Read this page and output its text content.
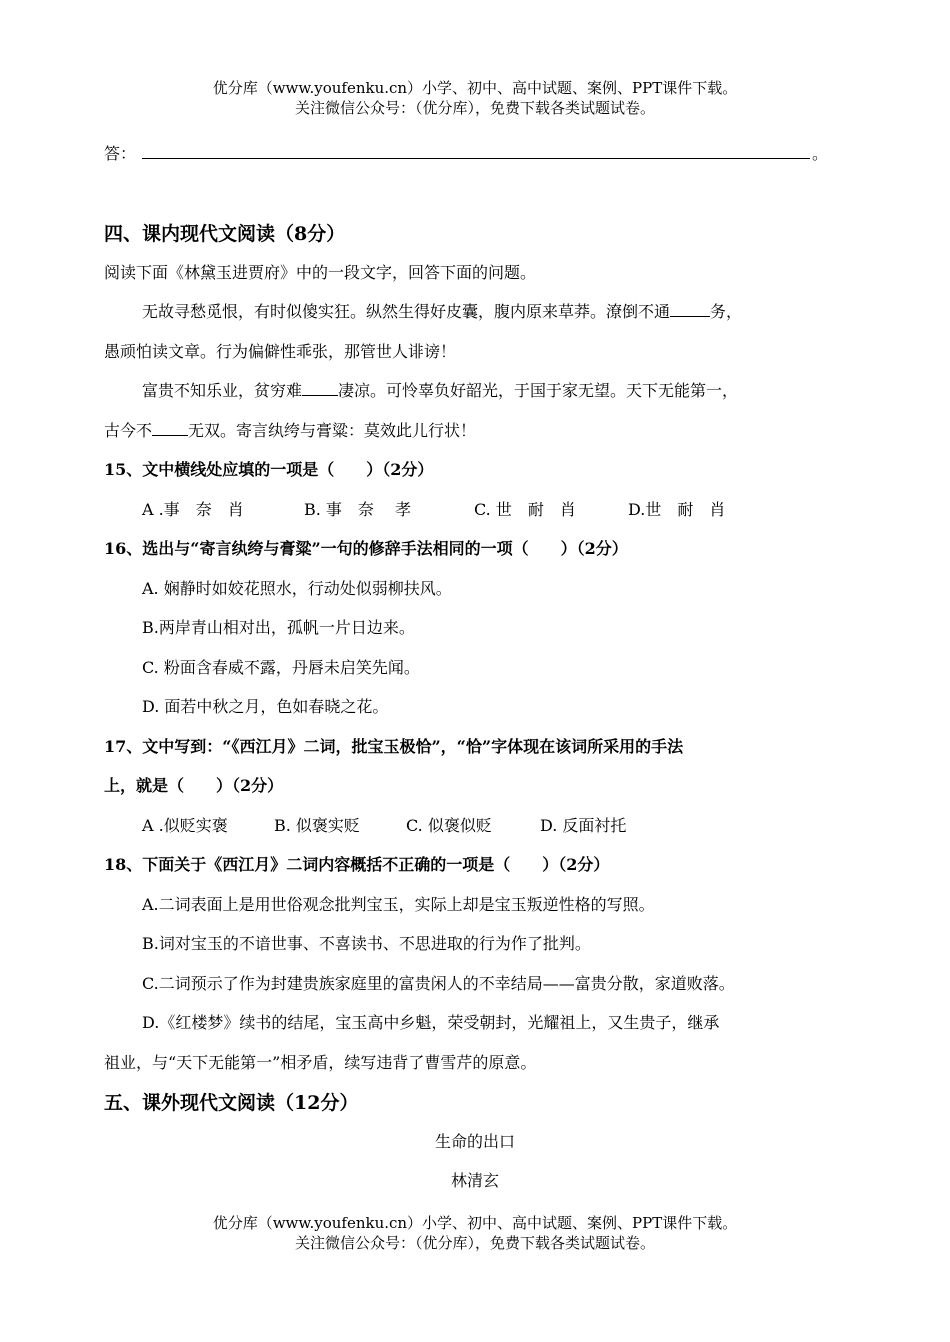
优分库（www.youfenku.cn）小学、初中、高中试题、案例、PPT课件下载。
关注微信公众号：（优分库），免费下载各类试题试卷。
答：	。
四、课内现代文阅读（8分）
阅读下面《林黛玉进贾府》中的一段文字，回答下面的问题。
无故寻愁觅恨，有时似傻实狂。纵然生得好皮囊，腹内原来草莽。潦倒不通	务，
愚顽怕读文章。行为偏僻性乖张，那管世人诽谤！
富贵不知乐业，贫穷难 凄凉。可怜辜负好韶光，于国于家无望。天下无能第一，
古今不 无双。寄言纨绔与膏粱：莫效此儿行状！
15、文中横线处应填的一项是（　　）（2分）
A .事　奈　肖	B. 事　奈　 孝	C. 世　耐　肖	D.世　耐　肖
16、选出与“寄言纨绔与膏粱”一句的修辞手法相同的一项（　　）（2分）
A. 娴静时如姣花照水，行动处似弱柳扶风。
B.两岸青山相对出，孤帆一片日边来。
C. 粉面含春威不露，丹唇未启笑先闻。
D. 面若中秋之月，色如春晓之花。
17、文中写到：“《西江月》二词，批宝玉极恰”，“恰”字体现在该词所采用的手法
上，就是（　　）（2分）
A .似贬实褒	B. 似褒实贬	C. 似褒似贬	D. 反面衬托
18、下面关于《西江月》二词内容概括不正确的一项是（　　）（2分）
A.二词表面上是用世俗观念批判宝玉，实际上却是宝玉叛逆性格的写照。
B.词对宝玉的不谙世事、不喜读书、不思进取的行为作了批判。
C.二词预示了作为封建贵族家庭里的富贵闲人的不幸结局——富贵分散，家道败落。
D.《红楼梦》续书的结尾，宝玉高中乡魁，荣受朝封，光耀祖上，又生贵子，继承
祖业，与“天下无能第一”相矛盾，续写违背了曹雪芹的原意。
五、课外现代文阅读（12分）
生命的出口
林清玄
优分库（www.youfenku.cn）小学、初中、高中试题、案例、PPT课件下载。
关注微信公众号：（优分库），免费下载各类试题试卷。
